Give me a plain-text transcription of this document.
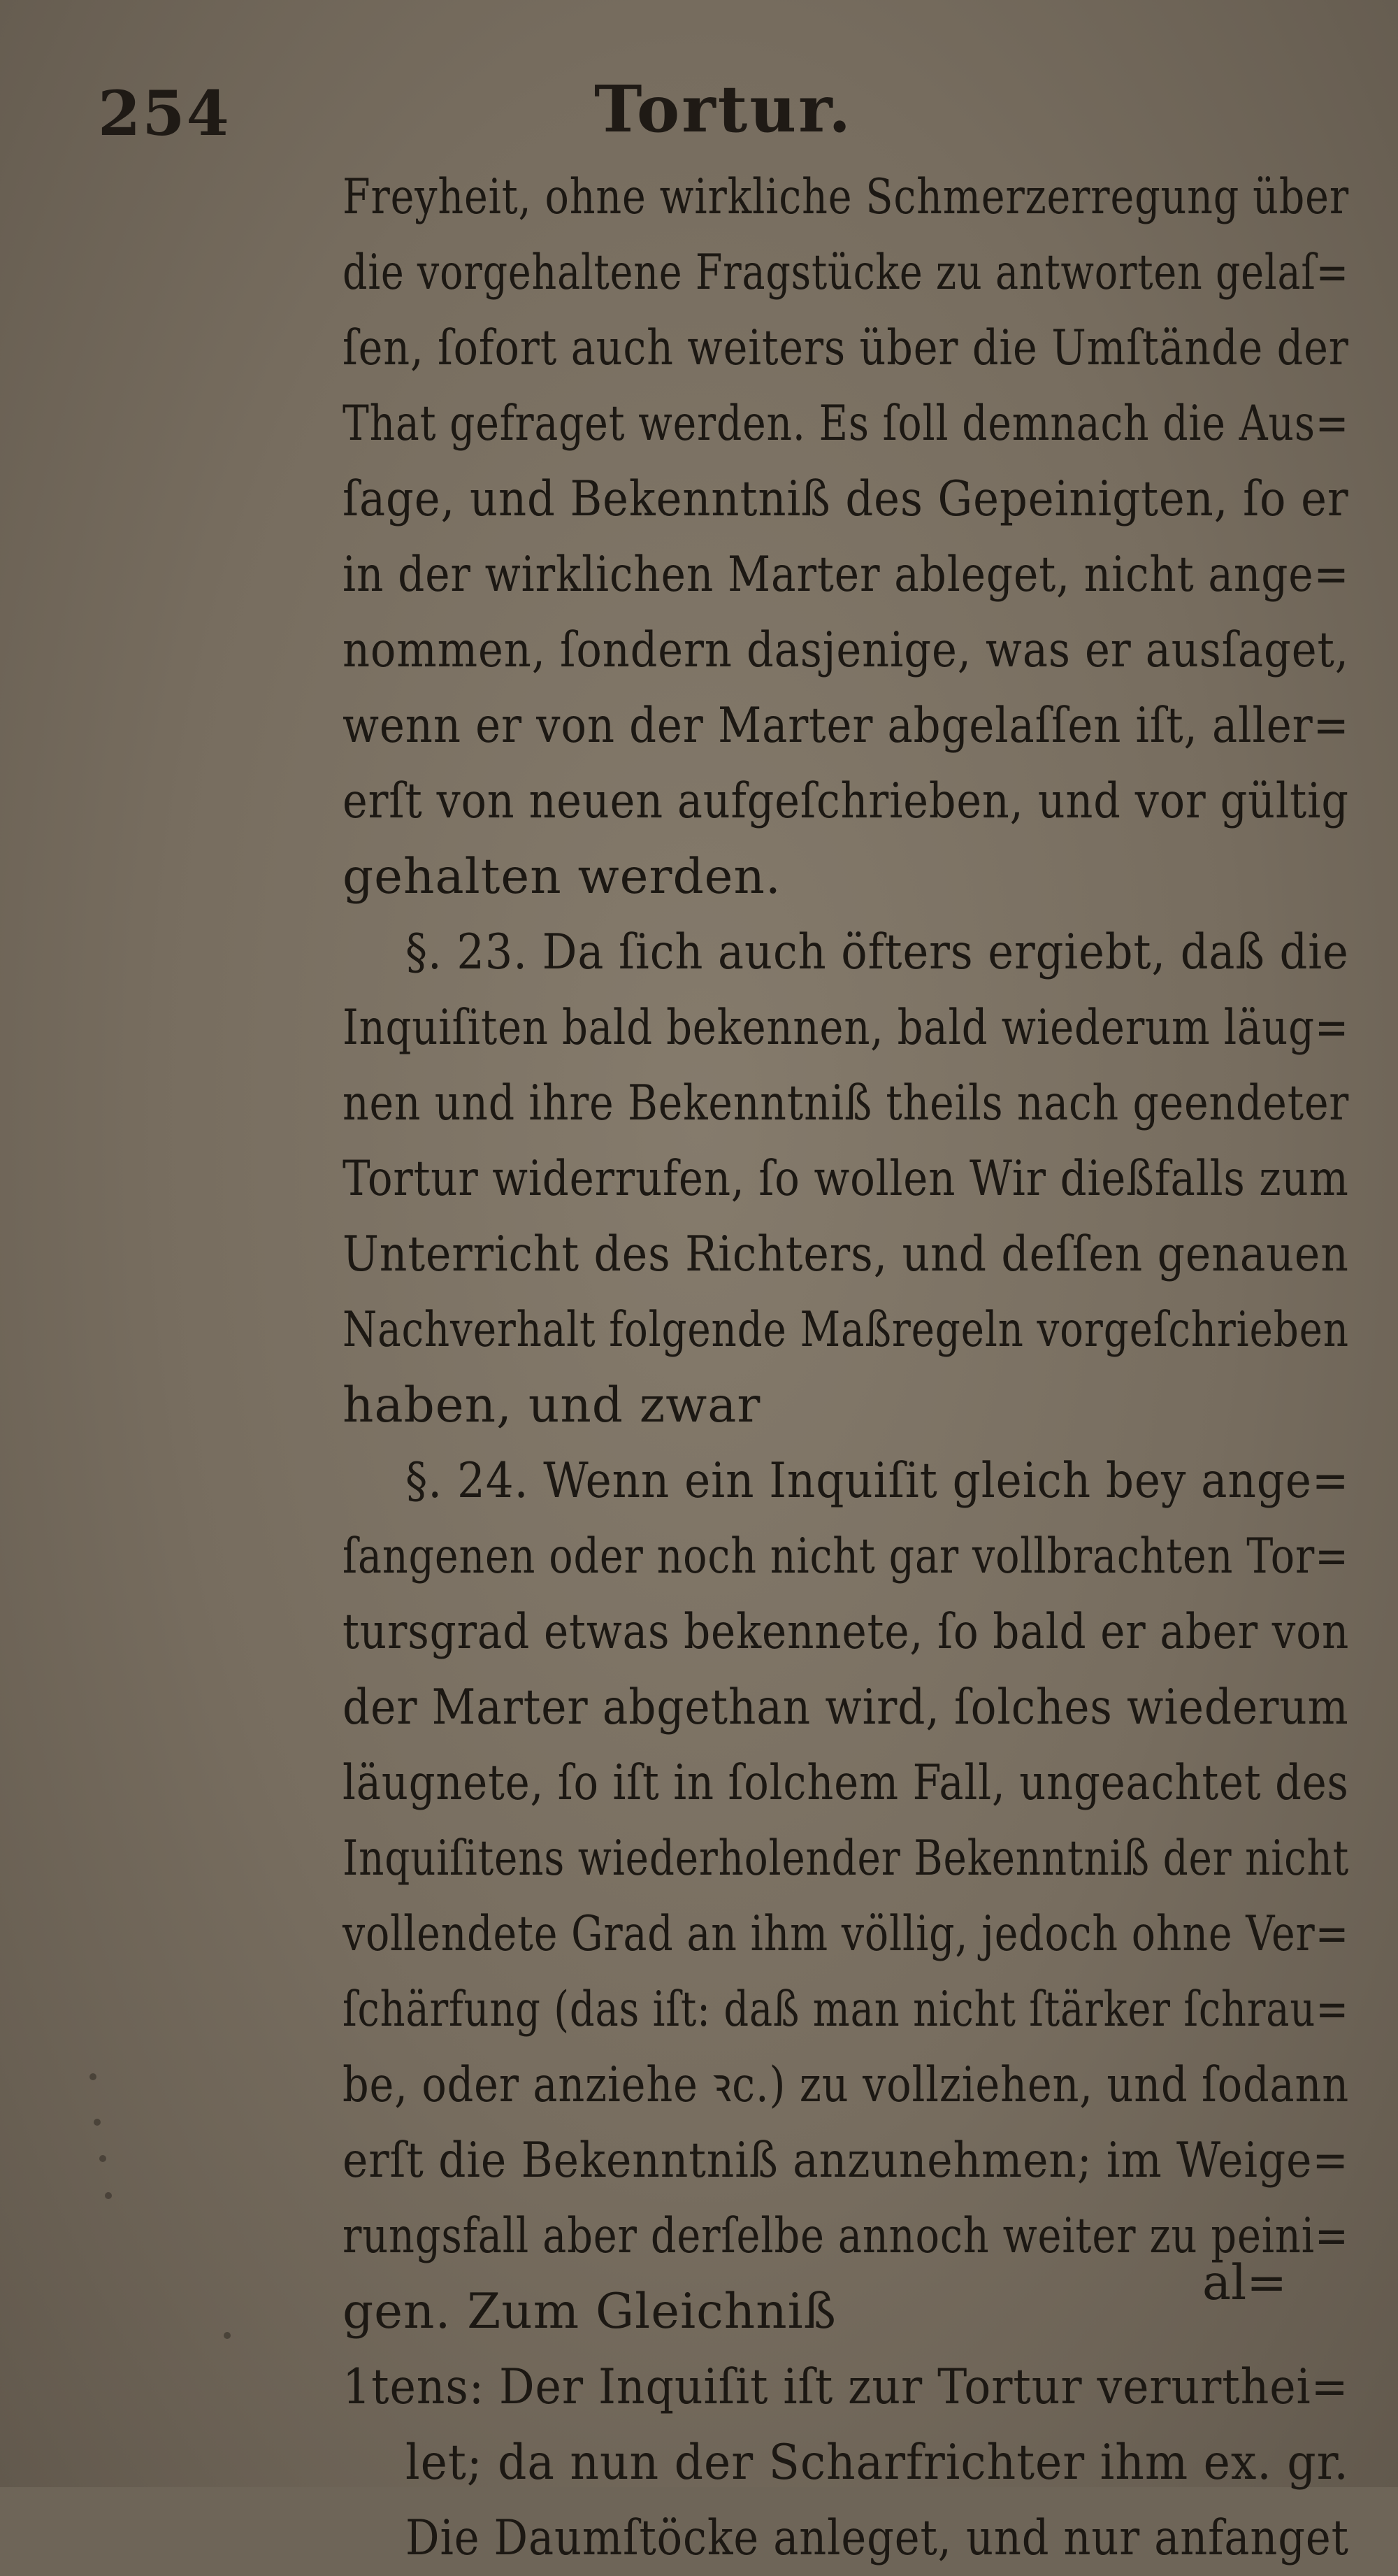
254	Tortur.
Freyheit, ohne wirkliche Schmerzerregung über
die vorgehaltene Fragstücke zu antworten gelaſ=
ſen, ſofort auch weiters über die Umſtände der
That gefraget werden. Es ſoll demnach die Aus=
ſage, und Bekenntniß des Gepeinigten, ſo er
in der wirklichen Marter ableget, nicht ange=
nommen, ſondern dasjenige, was er ausſaget,
wenn er von der Marter abgelaſſen iſt, aller=
erſt von neuen aufgeſchrieben, und vor gültig
gehalten werden.
§. 23. Da ſich auch öfters ergiebt, daß die
Inquiſiten bald bekennen, bald wiederum läug=
nen und ihre Bekenntniß theils nach geendeter
Tortur widerrufen, ſo wollen Wir dießfalls zum
Unterricht des Richters, und deſſen genauen
Nachverhalt folgende Maßregeln vorgeſchrieben
haben, und zwar
§. 24. Wenn ein Inquiſit gleich bey ange=
ſangenen oder noch nicht gar vollbrachten Tor=
tursgrad etwas bekennete, ſo bald er aber von
der Marter abgethan wird, ſolches wiederum
läugnete, ſo iſt in ſolchem Fall, ungeachtet des
Inquiſitens wiederholender Bekenntniß der nicht
vollendete Grad an ihm völlig, jedoch ohne Ver=
ſchärfung (das iſt: daß man nicht ſtärker ſchrau=
be, oder anziehe ꝛc.) zu vollziehen, und ſodann
erſt die Bekenntniß anzunehmen; im Weige=
rungsfall aber derſelbe annoch weiter zu peini=
gen. Zum Gleichniß
1tens: Der Inquiſit iſt zur Tortur verurthei=
let; da nun der Scharfrichter ihm ex. gr.
Die Daumſtöcke anleget, und nur anfanget
al=
